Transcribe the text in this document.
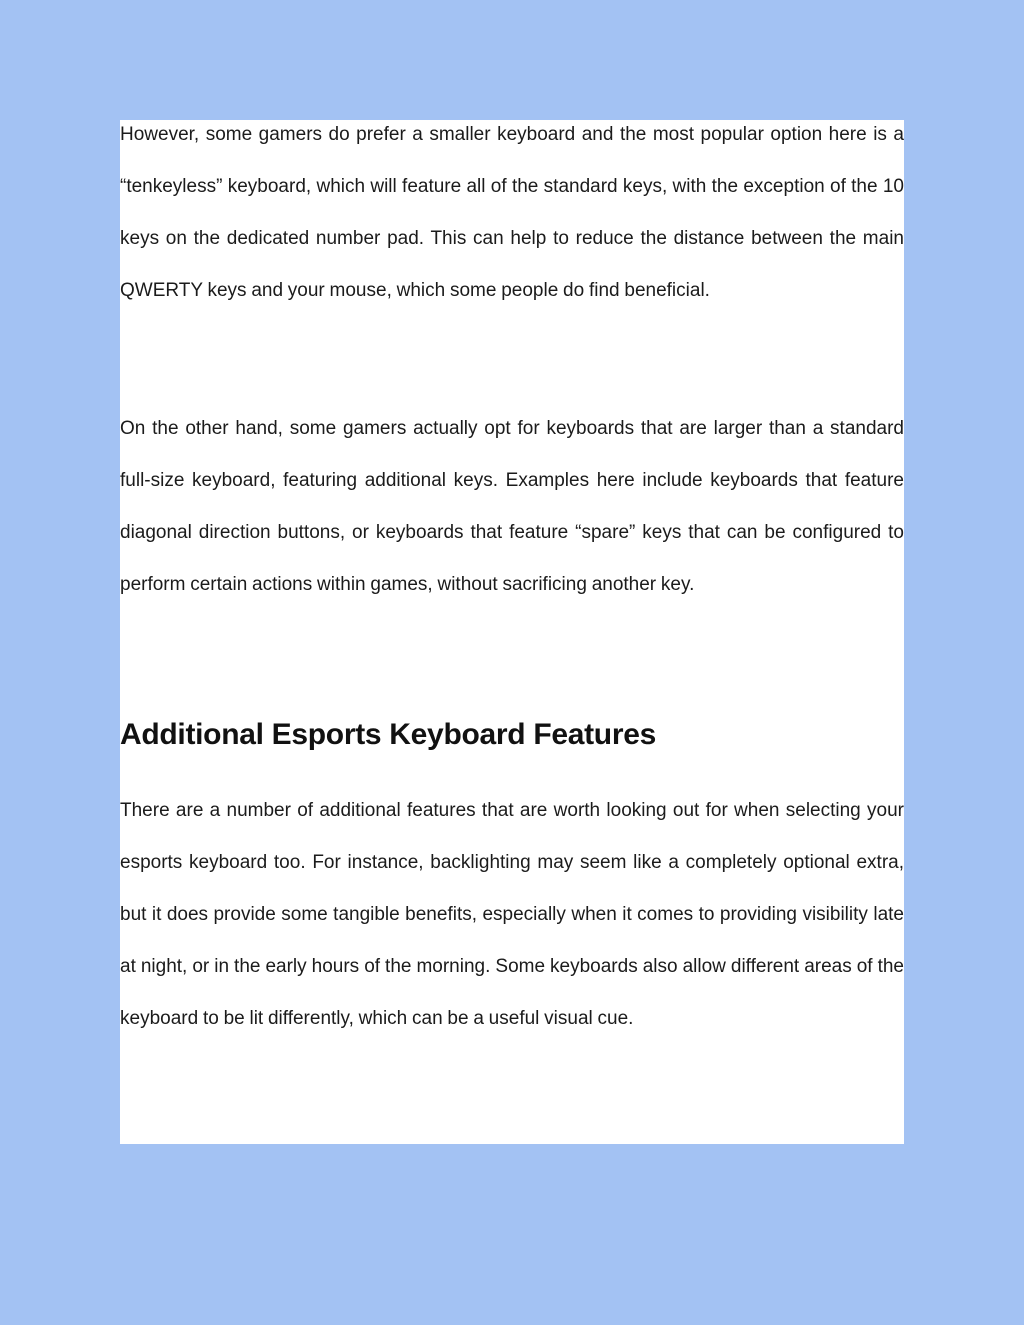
However, some gamers do prefer a smaller keyboard and the most popular option here is a “tenkeyless” keyboard, which will feature all of the standard keys, with the exception of the 10 keys on the dedicated number pad. This can help to reduce the distance between the main QWERTY keys and your mouse, which some people do find beneficial.

On the other hand, some gamers actually opt for keyboards that are larger than a standard full-size keyboard, featuring additional keys. Examples here include keyboards that feature diagonal direction buttons, or keyboards that feature “spare” keys that can be configured to perform certain actions within games, without sacrificing another key.

Additional Esports Keyboard Features

There are a number of additional features that are worth looking out for when selecting your esports keyboard too. For instance, backlighting may seem like a completely optional extra, but it does provide some tangible benefits, especially when it comes to providing visibility late at night, or in the early hours of the morning. Some keyboards also allow different areas of the keyboard to be lit differently, which can be a useful visual cue.
